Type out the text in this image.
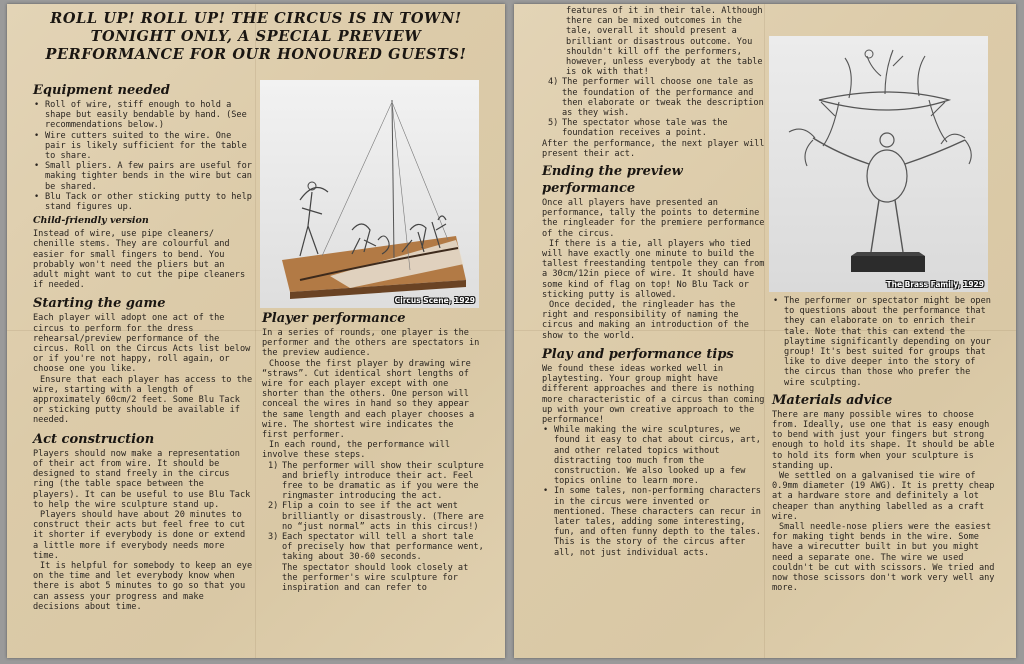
ROLL UP! ROLL UP! THE CIRCUS IS IN TOWN!
TONIGHT ONLY, A SPECIAL PREVIEW
PERFORMANCE FOR OUR HONOURED GUESTS!
Equipment needed
• Roll of wire, stiff enough to hold a shape but easily bendable by hand. (See recommendations below.)
• Wire cutters suited to the wire. One pair is likely sufficient for the table to share.
• Small pliers. A few pairs are useful for making tighter bends in the wire but can be shared.
• Blu Tack or other sticking putty to help stand figures up.
Child-friendly version
Instead of wire, use pipe cleaners/ chenille stems. They are colourful and easier for small fingers to bend. You probably won't need the pliers but an adult might want to cut the pipe cleaners if needed.
Starting the game
Each player will adopt one act of the circus to perform for the dress rehearsal/preview performance of the circus. Roll on the Circus Acts list below or if you're not happy, roll again, or choose one you like.
Ensure that each player has access to the wire, starting with a length of approximately 60cm/2 feet. Some Blu Tack or sticking putty should be available if needed.
Act construction
Players should now make a representation of their act from wire. It should be designed to stand freely in the circus ring (the table space between the players). It can be useful to use Blu Tack to help the wire sculpture stand up.
Players should have about 20 minutes to construct their acts but feel free to cut it shorter if everybody is done or extend a little more if everybody needs more time.
It is helpful for somebody to keep an eye on the time and let everybody know when there is abot 5 minutes to go so that you can assess your progress and make decisions about time.
Circus Scene, 1929
Player performance
In a series of rounds, one player is the performer and the others are spectators in the preview audience.
Choose the first player by drawing wire “straws”. Cut identical short lengths of wire for each player except with one shorter than the others. One person will conceal the wires in hand so they appear the same length and each player chooses a wire. The shortest wire indicates the first performer.
In each round, the performance will involve these steps.
1) The performer will show their sculpture and briefly introduce their act. Feel free to be dramatic as if you were the ringmaster introducing the act.
2) Flip a coin to see if the act went brilliantly or disastrously. (There are no “just normal” acts in this circus!)
3) Each spectator will tell a short tale of precisely how that performance went, taking about 30-60 seconds.
The spectator should look closely at the performer's wire sculpture for inspiration and can refer to
features of it in their tale. Although there can be mixed outcomes in the tale, overall it should present a brilliant or disastrous outcome. You shouldn't kill off the performers, however, unless everybody at the table is ok with that!
4) The performer will choose one tale as the foundation of the performance and then elaborate or tweak the description as they wish.
5) The spectator whose tale was the foundation receives a point.
After the performance, the next player will present their act.
Ending the preview performance
Once all players have presented an performance, tally the points to determine the ringleader for the premiere performance of the circus.
If there is a tie, all players who tied will have exactly one minute to build the tallest freestanding tentpole they can from a 30cm/12in piece of wire. It should have some kind of flag on top! No Blu Tack or sticking putty is allowed.
Once decided, the ringleader has the right and responsibility of naming the circus and making an introduction of the show to the world.
Play and performance tips
We found these ideas worked well in playtesting. Your group might have different approaches and there is nothing more characteristic of a circus than coming up with your own creative approach to the performance!
• While making the wire sculptures, we found it easy to chat about circus, art, and other related topics without distracting too much from the construction. We also looked up a few topics online to learn more.
• In some tales, non-performing characters in the circus were invented or mentioned. These characters can recur in later tales, adding some interesting, fun, and often funny depth to the tales. This is the story of the circus after all, not just individual acts.
The Brass Family, 1929
• The performer or spectator might be open to questions about the performance that they can elaborate on to enrich their tale. Note that this can extend the playtime significantly depending on your group! It's best suited for groups that like to dive deeper into the story of the circus than those who prefer the wire sculpting.
Materials advice
There are many possible wires to choose from. Ideally, use one that is easy enough to bend with just your fingers but strong enough to hold its shape. It should be able to hold its form when your sculpture is standing up.
We settled on a galvanised tie wire of 0.9mm diameter (19 AWG). It is pretty cheap at a hardware store and definitely a lot cheaper than anything labelled as a craft wire.
Small needle-nose pliers were the easiest for making tight bends in the wire. Some have a wirecutter built in but you might need a separate one. The wire we used couldn't be cut with scissors. We tried and now those scissors don't work very well any more.
